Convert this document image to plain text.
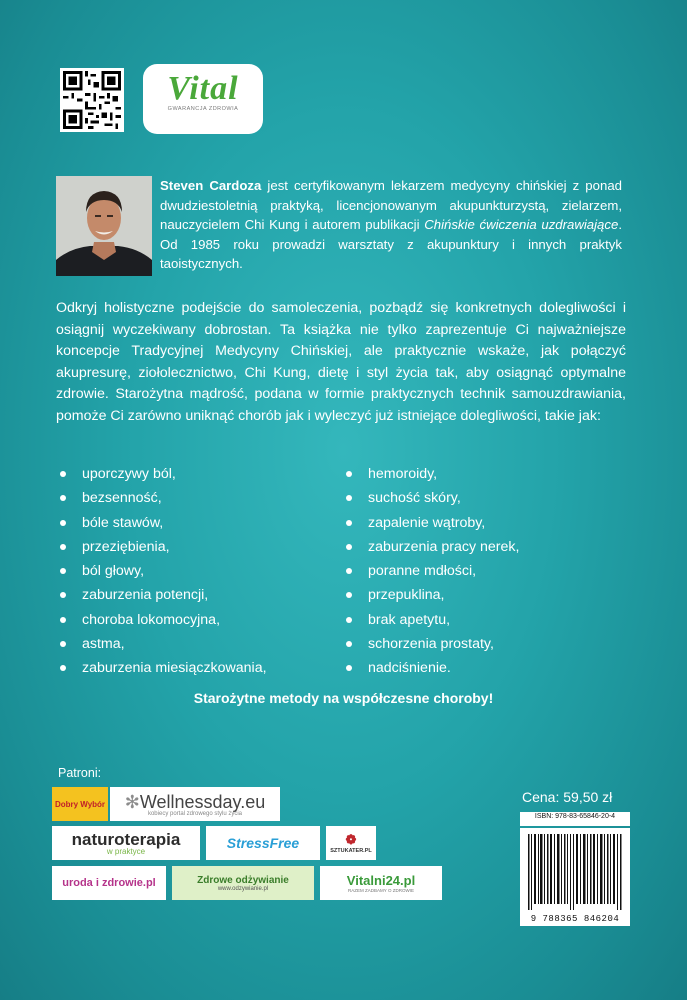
Vital
GWARANCJA ZDROWIA

Steven Cardoza jest certyfikowanym lekarzem medycyny chińskiej z ponad dwudziestoletnią praktyką, licencjonowanym akupunkturzystą, zielarzem, nauczycielem Chi Kung i autorem publikacji Chińskie ćwiczenia uzdrawiające. Od 1985 roku prowadzi warsztaty z akupunktury i innych praktyk taoistycznych.

Odkryj holistyczne podejście do samoleczenia, pozbądź się konkretnych dolegliwości i osiągnij wyczekiwany dobrostan. Ta książka nie tylko zaprezentuje Ci najważniejsze koncepcje Tradycyjnej Medycyny Chińskiej, ale praktycznie wskaże, jak połączyć akupresurę, ziołolecznictwo, Chi Kung, dietę i styl życia tak, aby osiągnąć optymalne zdrowie. Starożytna mądrość, podana w formie praktycznych technik samouzdrawiania, pomoże Ci zarówno uniknąć chorób jak i wyleczyć już istniejące dolegliwości, takie jak:

uporczywy ból,
bezsenność,
bóle stawów,
przeziębienia,
ból głowy,
zaburzenia potencji,
choroba lokomocyjna,
astma,
zaburzenia miesiączkowania,
hemoroidy,
suchość skóry,
zapalenie wątroby,
zaburzenia pracy nerek,
poranne mdłości,
przepuklina,
brak apetytu,
schorzenia prostaty,
nadciśnienie.
Starożytne metody na współczesne choroby!
Patroni:
Dobry Wybór ✻Wellnessday.eu
kobiecy portal zdrowego stylu życia
naturoterapia
w praktyce
StressFree	❁
SZTUKATER.PL
uroda i zdrowie.pl	Zdrowe odżywianie
www.odzywianie.pl
Vitalni24.pl
RAZEM ZADBAMY O ZDROWIE
Cena: 59,50 zł
ISBN: 978-83-65846-20-4
9 788365 846204
